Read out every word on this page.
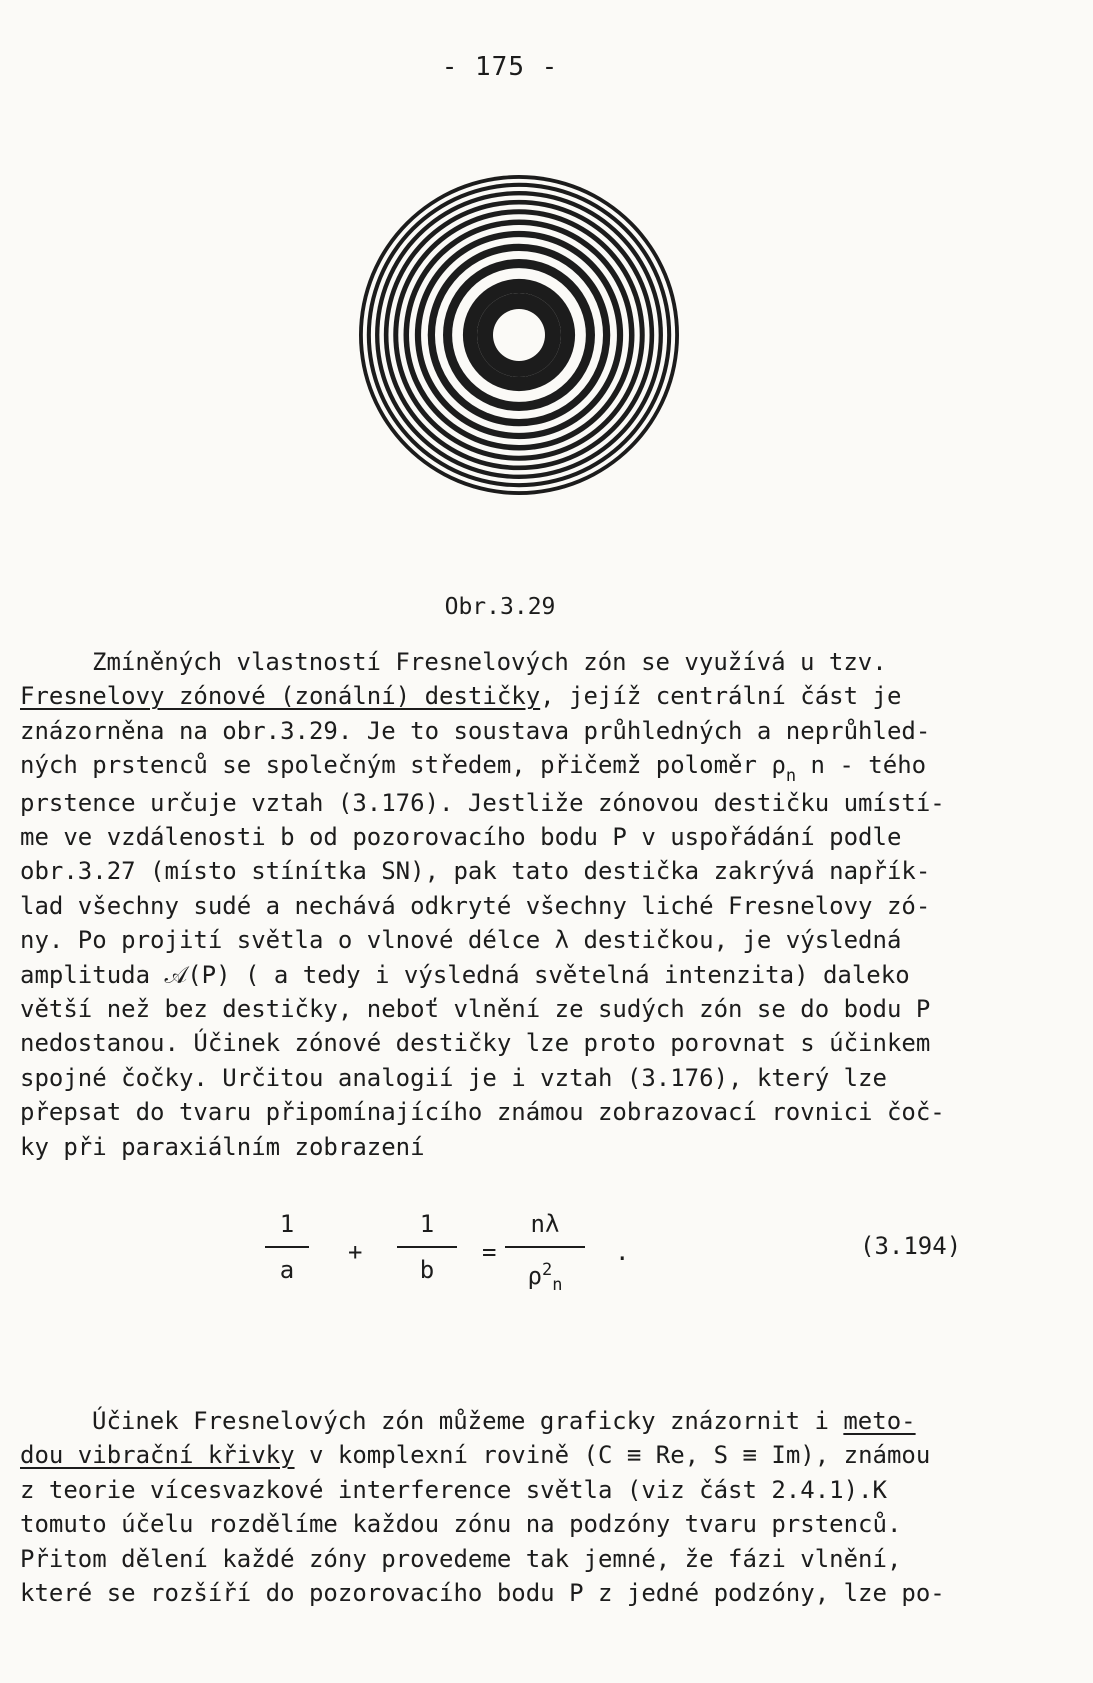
- 175 -
Obr.3.29
Zmíněných vlastností Fresnelových zón se využívá u tzv.
Fresnelovy zónové (zonální) destičky, jejíž centrální část je
znázorněna na obr.3.29. Je to soustava průhledných a neprůhled-
ných prstenců se společným středem, přičemž poloměr $\rho_n$ n - tého
prstence určuje vztah (3.176). Jestliže zónovou destičku umístí-
me ve vzdálenosti b od pozorovacího bodu P v uspořádání podle
obr.3.27 (místo stínítka SN), pak tato destička zakrývá napřík-
lad všechny sudé a nechává odkryté všechny liché Fresnelovy zó-
ny. Po projití světla o vlnové délce λ destičkou, je výsledná
amplituda 𝒜(P) ( a tedy i výsledná světelná intenzita) daleko
větší než bez destičky, neboť vlnění ze sudých zón se do bodu P
nedostanou. Účinek zónové destičky lze proto porovnat s účinkem
spojné čočky. Určitou analogií je i vztah (3.176), který lze
přepsat do tvaru připomínajícího známou zobrazovací rovnici čoč-
ky při paraxiálním zobrazení
1
a
+
1
b
=
nλ
$\rho^2_n$
.	(3.194)
Účinek Fresnelových zón můžeme graficky znázornit i meto-
dou vibrační křivky v komplexní rovině (C ≡ Re, S ≡ Im), známou
z teorie vícesvazkové interference světla (viz část 2.4.1).K
tomuto účelu rozdělíme každou zónu na podzóny tvaru prstenců.
Přitom dělení každé zóny provedeme tak jemné, že fázi vlnění,
které se rozšíří do pozorovacího bodu P z jedné podzóny, lze po-
